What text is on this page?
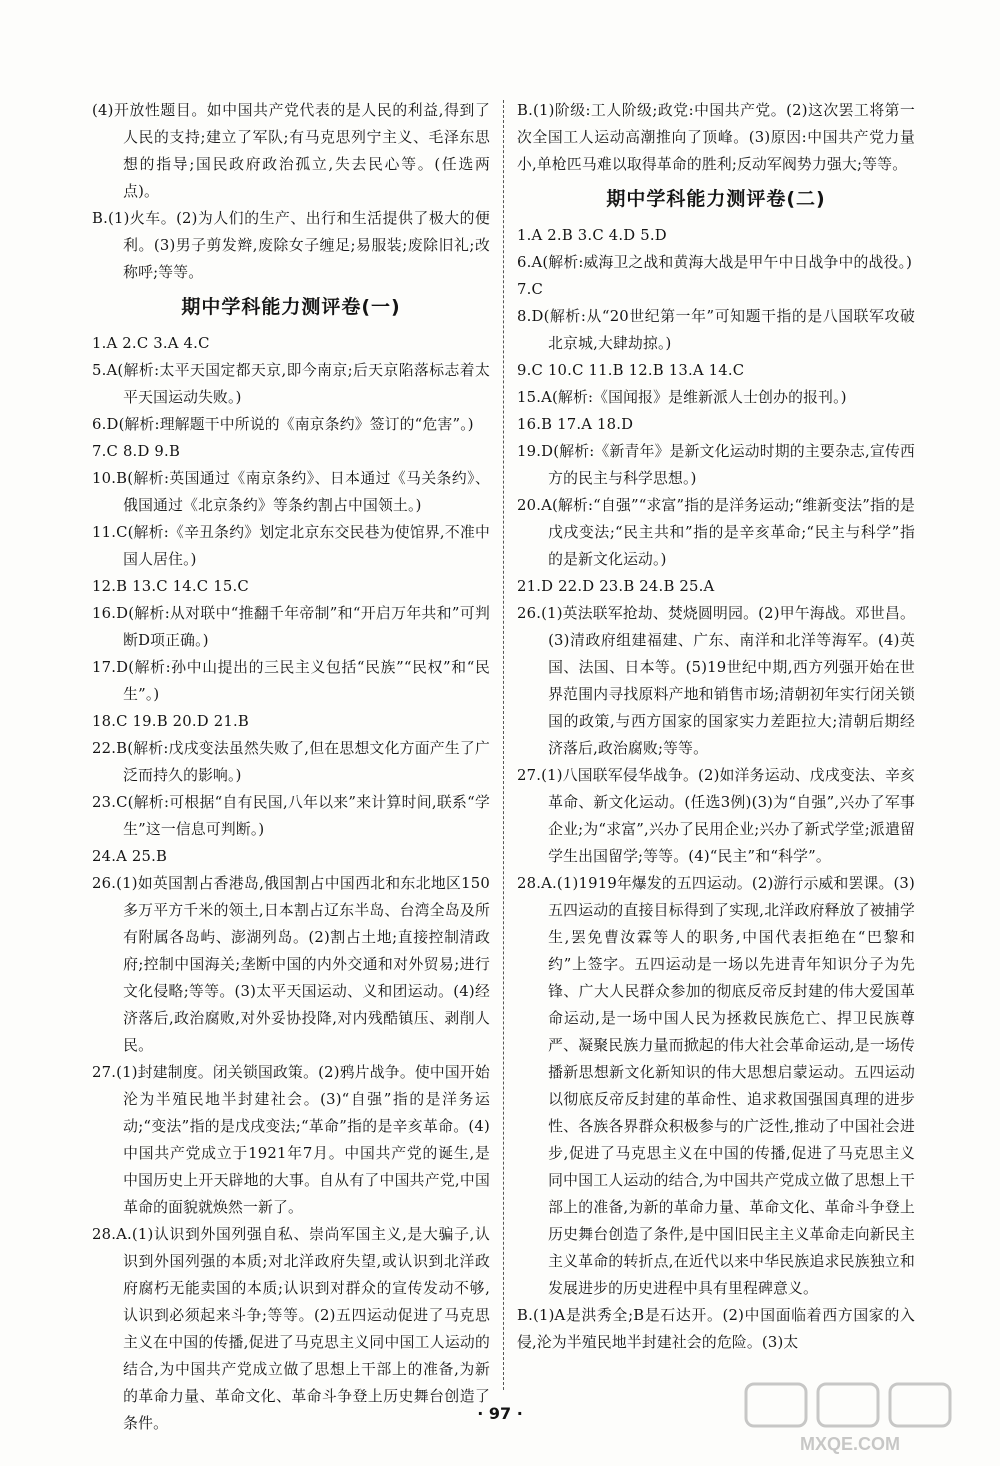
(4)开放性题目。如中国共产党代表的是人民的利益,得到了人民的支持;建立了军队;有马克思列宁主义、毛泽东思想的指导;国民政府政治孤立,失去民心等。(任选两点)。

B.(1)火车。(2)为人们的生产、出行和生活提供了极大的便利。(3)男子剪发辫,废除女子缠足;易服装;废除旧礼;改称呼;等等。

期中学科能力测评卷(一)

1.A 2.C 3.A 4.C

5.A(解析:太平天国定都天京,即今南京;后天京陷落标志着太平天国运动失败。)

6.D(解析:理解题干中所说的《南京条约》签订的“危害”。)

7.C 8.D 9.B

10.B(解析:英国通过《南京条约》、日本通过《马关条约》、俄国通过《北京条约》等条约割占中国领土。)

11.C(解析:《辛丑条约》划定北京东交民巷为使馆界,不准中国人居住。)

12.B 13.C 14.C 15.C

16.D(解析:从对联中“推翻千年帝制”和“开启万年共和”可判断D项正确。)

17.D(解析:孙中山提出的三民主义包括“民族”“民权”和“民生”。)

18.C 19.B 20.D 21.B

22.B(解析:戊戌变法虽然失败了,但在思想文化方面产生了广泛而持久的影响。)

23.C(解析:可根据“自有民国,八年以来”来计算时间,联系“学生”这一信息可判断。)

24.A 25.B

26.(1)如英国割占香港岛,俄国割占中国西北和东北地区150多万平方千米的领土,日本割占辽东半岛、台湾全岛及所有附属各岛屿、澎湖列岛。(2)割占土地;直接控制清政府;控制中国海关;垄断中国的内外交通和对外贸易;进行文化侵略;等等。(3)太平天国运动、义和团运动。(4)经济落后,政治腐败,对外妥协投降,对内残酷镇压、剥削人民。

27.(1)封建制度。闭关锁国政策。(2)鸦片战争。使中国开始沦为半殖民地半封建社会。(3)“自强”指的是洋务运动;“变法”指的是戊戌变法;“革命”指的是辛亥革命。(4)中国共产党成立于1921年7月。中国共产党的诞生,是中国历史上开天辟地的大事。自从有了中国共产党,中国革命的面貌就焕然一新了。

28.A.(1)认识到外国列强自私、崇尚军国主义,是大骗子,认识到外国列强的本质;对北洋政府失望,或认识到北洋政府腐朽无能卖国的本质;认识到对群众的宣传发动不够,认识到必须起来斗争;等等。(2)五四运动促进了马克思主义在中国的传播,促进了马克思主义同中国工人运动的结合,为中国共产党成立做了思想上干部上的准备,为新的革命力量、革命文化、革命斗争登上历史舞台创造了条件。

B.(1)阶级:工人阶级;政党:中国共产党。(2)这次罢工将第一次全国工人运动高潮推向了顶峰。(3)原因:中国共产党力量小,单枪匹马难以取得革命的胜利;反动军阀势力强大;等等。

期中学科能力测评卷(二)

1.A 2.B 3.C 4.D 5.D

6.A(解析:威海卫之战和黄海大战是甲午中日战争中的战役。)

7.C

8.D(解析:从“20世纪第一年”可知题干指的是八国联军攻破北京城,大肆劫掠。)

9.C 10.C 11.B 12.B 13.A 14.C

15.A(解析:《国闻报》是维新派人士创办的报刊。)

16.B 17.A 18.D

19.D(解析:《新青年》是新文化运动时期的主要杂志,宣传西方的民主与科学思想。)

20.A(解析:“自强”“求富”指的是洋务运动;“维新变法”指的是戊戌变法;“民主共和”指的是辛亥革命;“民主与科学”指的是新文化运动。)

21.D 22.D 23.B 24.B 25.A

26.(1)英法联军抢劫、焚烧圆明园。(2)甲午海战。邓世昌。(3)清政府组建福建、广东、南洋和北洋等海军。(4)英国、法国、日本等。(5)19世纪中期,西方列强开始在世界范围内寻找原料产地和销售市场;清朝初年实行闭关锁国的政策,与西方国家的国家实力差距拉大;清朝后期经济落后,政治腐败;等等。

27.(1)八国联军侵华战争。(2)如洋务运动、戊戌变法、辛亥革命、新文化运动。(任选3例)(3)为“自强”,兴办了军事企业;为“求富”,兴办了民用企业;兴办了新式学堂;派遣留学生出国留学;等等。(4)“民主”和“科学”。

28.A.(1)1919年爆发的五四运动。(2)游行示威和罢课。(3)五四运动的直接目标得到了实现,北洋政府释放了被捕学生,罢免曹汝霖等人的职务,中国代表拒绝在“巴黎和约”上签字。五四运动是一场以先进青年知识分子为先锋、广大人民群众参加的彻底反帝反封建的伟大爱国革命运动,是一场中国人民为拯救民族危亡、捍卫民族尊严、凝聚民族力量而掀起的伟大社会革命运动,是一场传播新思想新文化新知识的伟大思想启蒙运动。五四运动以彻底反帝反封建的革命性、追求救国强国真理的进步性、各族各界群众积极参与的广泛性,推动了中国社会进步,促进了马克思主义在中国的传播,促进了马克思主义同中国工人运动的结合,为中国共产党成立做了思想上干部上的准备,为新的革命力量、革命文化、革命斗争登上历史舞台创造了条件,是中国旧民主主义革命走向新民主主义革命的转折点,在近代以来中华民族追求民族独立和发展进步的历史进程中具有里程碑意义。

B.(1)A是洪秀全;B是石达开。(2)中国面临着西方国家的入侵,沦为半殖民地半封建社会的危险。(3)太

· 97 ·
MXQE.COM
